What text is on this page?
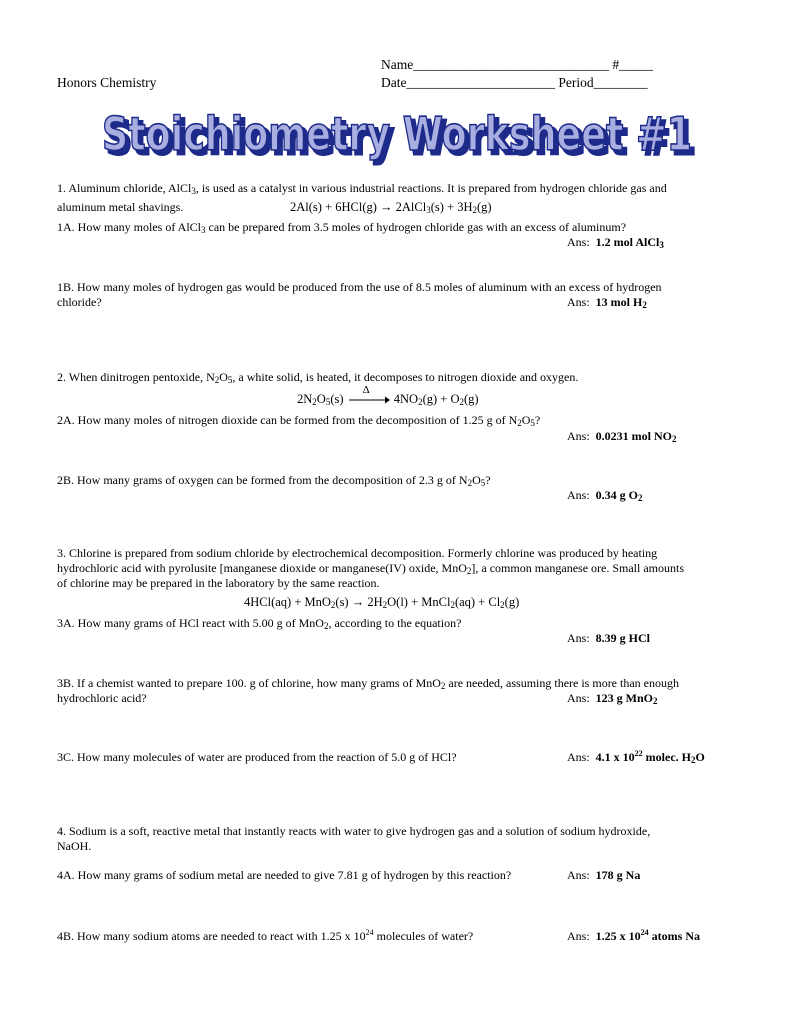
Name_____________________________ #_____
Honors Chemistry	Date______________________ Period________
Stoichiometry Worksheet #1
Stoichiometry Worksheet #1
1. Aluminum chloride, AlCl$_3$, is used as a catalyst in various industrial reactions. It is prepared from hydrogen chloride gas and
aluminum metal shavings.	2Al(s) + 6HCl(g) → 2AlCl$_3$(s) + $3H_2(g)$
1A. How many moles of AlCl$_3$ can be prepared from 3.5 moles of hydrogen chloride gas with an excess of aluminum?
Ans: 1.2 mol AlCl$_3$
1B. How many moles of hydrogen gas would be produced from the use of 8.5 moles of aluminum with an excess of hydrogen
chloride?	Ans: 13 mol $H_2$
2. When dinitrogen pentoxide, $N_2O_5$, a white solid, is heated, it decomposes to nitrogen dioxide and oxygen.
$2N_2O_5(s)$
Δ
$4NO_2(g) + O_2(g)$
2A. How many moles of nitrogen dioxide can be formed from the decomposition of 1.25 g of $N_2O_5$?
Ans: 0.0231 mol $NO_2$
2B. How many grams of oxygen can be formed from the decomposition of 2.3 g of $N_2O_5$?
Ans: 0.34 g $O_2$
3. Chlorine is prepared from sodium chloride by electrochemical decomposition. Formerly chlorine was produced by heating
hydrochloric acid with pyrolusite [manganese dioxide or manganese(IV) oxide, MnO$_2$], a common manganese ore. Small amounts
of chlorine may be prepared in the laboratory by the same reaction.
$4HCl(aq) + MnO_2(s) \to 2H_2O(l)$ + MnCl$_2$(aq) + $Cl_2(g)$
3A. How many grams of HCl react with 5.00 g of MnO$_2$, according to the equation?
Ans: 8.39 g HCl
3B. If a chemist wanted to prepare 100. g of chlorine, how many grams of MnO$_2$ are needed, assuming there is more than enough
hydrochloric acid?	Ans: 123 g MnO$_2$
3C. How many molecules of water are produced from the reaction of 5.0 g of HCl?	Ans: 4.1 x $10^{22}$ molec. $H_2O$
4. Sodium is a soft, reactive metal that instantly reacts with water to give hydrogen gas and a solution of sodium hydroxide,
NaOH.
4A. How many grams of sodium metal are needed to give 7.81 g of hydrogen by this reaction?	Ans: 178 g Na
4B. How many sodium atoms are needed to react with 1.25 x $10^{24}$ molecules of water?	Ans: 1.25 x $10^{24}$ atoms Na
